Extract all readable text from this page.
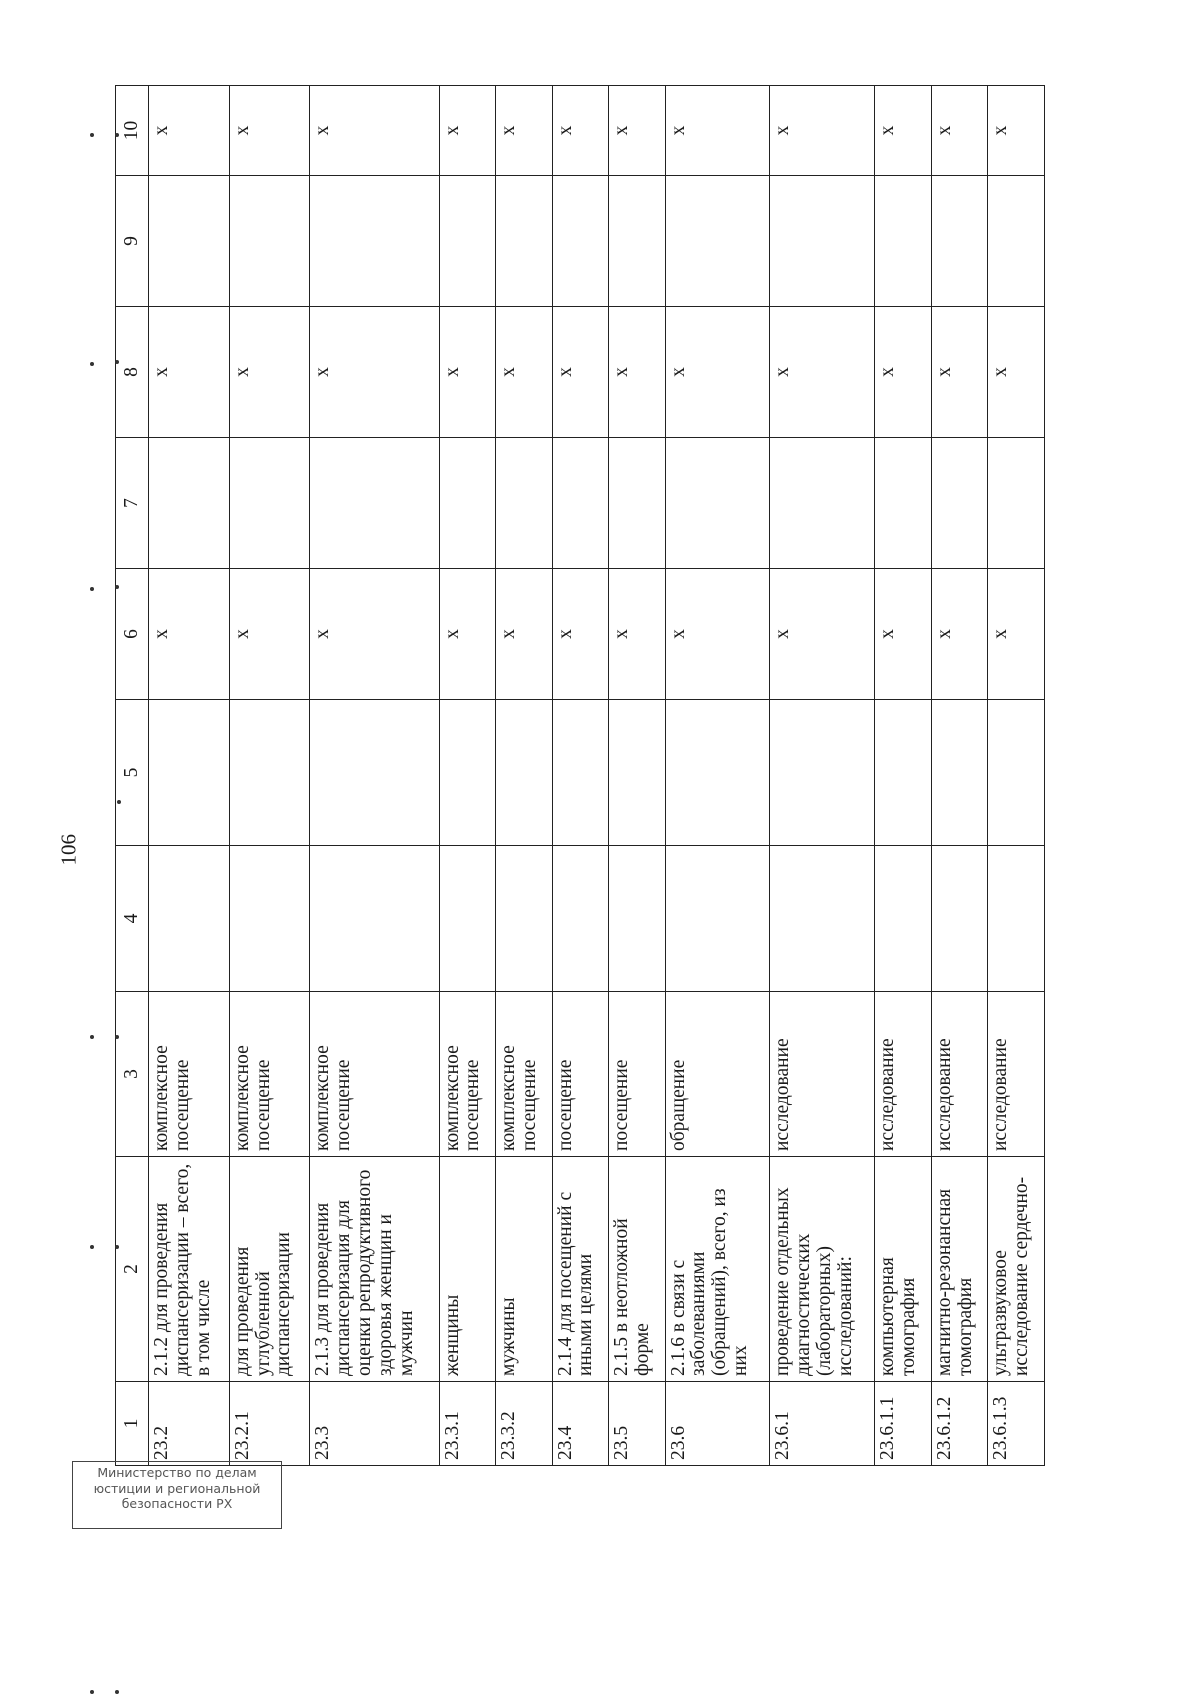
106
1	2	3	4	5	6	7	8	9	10
23.2	2.1.2 для проведения диспансеризации – всего, в том числе	комплексное посещение			x		x		x
23.2.1	для проведения углубленной диспансеризации	комплексное посещение			x		x		x
23.3	2.1.3 для проведения диспансеризация для оценки репродуктивного здоровья женщин и мужчин	комплексное посещение			x		x		x
23.3.1	женщины	комплексное посещение			x		x		x
23.3.2	мужчины	комплексное посещение			x		x		x
23.4	2.1.4 для посещений с иными целями	посещение			x		x		x
23.5	2.1.5 в неотложной форме	посещение			x		x		x
23.6	2.1.6 в связи с заболеваниями (обращений), всего, из них	обращение			x		x		x
23.6.1	проведение отдельных диагностических (лабораторных) исследований:	исследование			x		x		x
23.6.1.1	компьютерная томография	исследование			x		x		x
23.6.1.2	магнитно-резонансная томография	исследование			x		x		x
23.6.1.3	ультразвуковое исследование сердечно-	исследование			x		x		x
Министерство по делам
юстиции и региональной
безопасности РХ
